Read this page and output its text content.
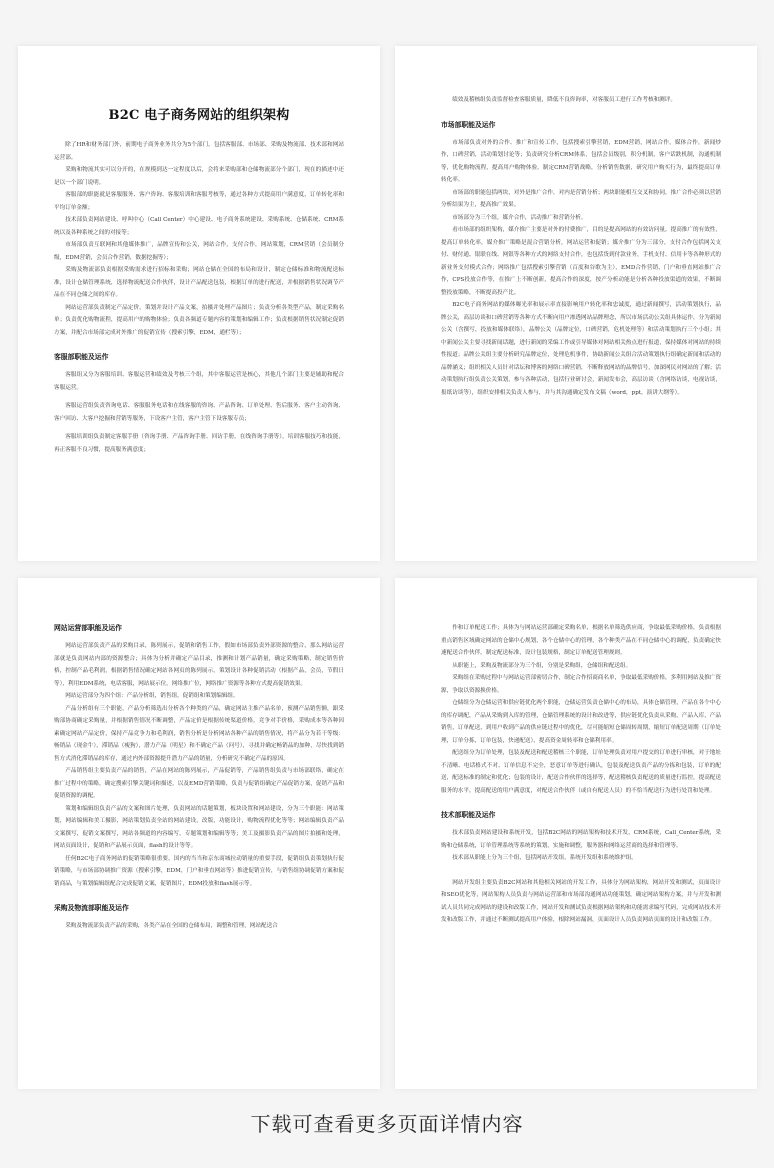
B2C 电子商务网站的组织架构

除了HR和财务部门外，前期电子商务业务共分为5个部门，包括客服部、市场部、采购及物流部、技术部和网站运营部。

采购和物流其实可以分开的，在规模到达一定程度以后，会将来采购部和仓储物流部分个部门，现在的描述中还是以一个部门说明。

客服部的职能就是客服服务、客户咨询、客服培训和客服考核等，通过各种方式提高用户满意度，订单转化率和平均订单金额；

技术部负责网站建设、呼叫中心（Call Center）中心建设、电子商务系统建设、采购系统、仓储系统、CRM系统以及各种系统之间的对接等；

市场部负责互联网和其他媒体推广，品牌宣传和公关，网站合作，支付合作，网站策划，CRM营销（会员制分级，EDM营销，会员合作营销，数据挖掘等）；

采购及物流部负责根据采购需求进行招标和采购；网站仓储在全国的布局和设计，制定仓储标准和物流配送标准，设计仓储管理系统，选择物流配送合作伙伴，设计产品配送包装，根据订单的进行配送，并根据销售状况调节产品在不同仓储之间的库存。

网站运营部负责制定产品定价，策划并设计产品文案，拍摄并处理产品图片；负责分析各类型产品，制定采购名单；负责优化购物流程，提高用户的购物体验；负责各频道专题内容的策划和编辑工作；负责根据销售状况制定促销方案，并配合市场部完成对外推广的促销宣传（搜索引擎，EDM，通栏等）；

客服部职能及运作

客服组又分为客服培训、客服运营和绩效及考核三个组，其中客服运营是核心，其他几个部门主要是辅助和配合客服运营。

客服运营组负责咨询电话、客服服务电话和在线客服的咨询、产品咨询、订单处理、售后服务、客户主动咨询、客户回访、大客户挖掘和营销等服务，下设客户主管，客户主管下设客服专员；

客服培训组负责制定客服手册（咨询手册、产品咨询手册、回访手册，在线咨询手册等），培训客服技巧和技能，再正客服不良习惯，提高服务满意度；

绩效及稽核组负责监督检查客服质量，降低不良咨询率，对客服员工进行工作考核和测评。

市场部职能及运作

市场部负责对外的合作、推广和宣传工作，包括搜索引擎营销，EDM营销，网站合作，媒体合作，新闻炒作，口碑营销，活动策划讨论等；负责研究分析CRM体系，包括会员级别，积分机制，客户话跌机制，沟通机制等，优化购物流程，提高用户购物体验，制定CRM营销战略，分析销售数据，研究用户购买行为，最终提高订单转化率。

市场部的职能包括两块，对外是推广合作，对内是营销分析；两块职能相互交叉和协同，推广合作必须以营销分析结果为主，提高推广效果。

市场部分为三个组，媒介合作，活动推广和营销分析。

看市场部的组织架构，媒介推广主要是对外的付费推广，目的是提高网站的有效访问量，提高推广的有效性，提高订单转化率，媒介推广策略是混合营销分析，网站运营和促销；媒介推广分为三部分，支付合作包括网关支付、财付通、银联在线、网银等各种方式的网络支付合作，也包括货到付款业务，手机支付、信用卡等各种形式的新业务支付模式合作；网络推广包括搜索引擎营销（百度和谷歌为主），EMD合作营销，门户和垂直网站推广合作，CPS投放合作等，在推广上不断创新，提高合作的深度，按产分析动能是分析各种投放渠道的效果，不断调整投放策略，不断提高投产比。

B2C电子商务网站的媒体曝光率和展示率直接影响用户转化率和忠诚度，通过新闻撰写，活动策划执行，品牌公关，高层访谈和口碑营销等各种方式不断向用户渗透网站品牌理念，所以市场活动公关组具体运作，分为新闻公关（含撰写，投放和媒体联络），品牌公关（品牌定位，口碑营销，危机处理等）和活动策划执行三个小组；其中新闻公关主要寻找新闻话题，进行新闻的采编工作或引导媒体对网站相关热点进行报道，保持媒体对网站的持续性报道；品牌公关组主要分析研究品牌定位，处理危机事件，协助新闻公关组合活动策划执行组确定新闻和活动的品牌涵义；组织相关人员针对话坛和博客的网络口碑营销，不断释放网站的品牌信号，加深网民对网站的了解；活动策划执行组负责公关策划，参与各种活动，包括行业研讨会，新闻发布会，高层访谈（含网络访谈，电视访谈，报纸访谈等），组织安排相关负责人参与，并与其沟通确定发布文稿（word，ppt，演讲大纲等）。

网站运营部职能及运作

网站运营部负责产品的采购目录，陈列展示，促销和销售工作，假如市场部负责外部资源的整合，那么网站运营部就是负责网站内部的资源整合；具体为分析并确定产品目录，推测和计划产品销量，确定采购策略，制定销售价格，控制产品毛利润，根据销售情况确定网站各网页的陈列展示，策划设计各种促销活动（根据产品，会员，节假日等），利用EDM系统，电话客服，网站展示位，网络推广位，网络推广资源等各种方式提高促销效果。

网站运营部分为四个组：产品分析组，销售组，促销组和策划编辑组。

产品分析组有三个职能，产品分析筛选出分析各个种类的产品，确定网站主推产品名单，预测产品销售额，跟采购部协商确定采购量，并根据销售情况不断调整，产品定价是根据传统渠道价格，竞争对手价格，采购成本等各种因素确定网站产品定价，保持产品竞争力和毛利润，销售分析是分析网站各种产品的销售情况，将产品分为若干等级：畅销品（现金牛），滞销品（瘦狗），潜力产品（明星）和不确定产品（问号），寻找并确定畅销品的加种，尽快找到销售方式消化滞销品的库存，通过内外部资源提升潜力产品的销量，分析研究不确定产品的原因。

产品销售组主要负责产品的销售，产品在网站的陈列展示，产品促销等，产品销售组负责与市场部联络，确定在推广过程中的策略，确定搜索引擎关键词和描述，以及EMD营销策略，负责与促销组确定产品促销方案，促销产品和促销资源的调配。

策划和编辑组负责产品的文案和图片处理，负责网站的话题策划，板块设置和网站建设，分为三个职能：网站策划，网站编辑和美工摄影，网站策划负责全站的网站建设，改版，功能设计，购物流程优化等等；网站编辑负责产品文案撰写，促销文案撰写，网站各频道的内容编写，专题策划和编辑等等；美工及摄影负责产品的图片拍摄和处理，网站页面设计，促销和产品展示页面，flash的设计等等。

任何B2C电子商务网站的促销策略很重要，国内的当当和京东商城拉动销量的重要手段，促销组负责策划执行促销策略，与市场部协调推广资源（搜索引擎，EDM，门户和垂直网站等）推进促销宣传，与销售组协调促销方案和促销商品，与策划编辑组配合完成促销文案，促销图片，EDM投放和flash展示等。

采购及物流部职能及运作

采购及物流部负责产品的采购，各类产品在全国的仓储布局，调整和管理，网站配送合

作和订单配送工作；具体为与网站运营部确定采购名单，根据名单筛选供应商，争取最低采购价格，负责根据重点销售区域确定网站的仓储中心规划，各个仓储中心的管理，各个种类产品在不同仓储中心的调配，负责确定快速配送合作伙伴，制定配送标准，设计包装规格，制定订单配送管理规则。

从职能上，采购及物流部分为三个组，分别是采购组，仓储组和配送组。

采购组在采购过程中与网站运营部密切合作，制定合作招商商名单，争取最低采购价格，多利用网站及推广资源，争取以资源换价格。

仓储组分为仓储运营和供应链优化两个职能，仓储运营负责仓储中心的布局，具体仓储管理，产品在各个中心的库存调配，产品从采购到入库的管理，仓储管理系统的设计和改进等，供应链优化负责从采购，产品入库，产品销售，订单配送，到用户收到产品的供应链过程中的优化，尽可能缩短仓储周转周期，缩短订单配送周期（订单处理，订单分拣，订单包装，快递配送），提高资金周转率和仓储利用率。

配送组分为订单处理，包装及配送和配送稽核三个职能，订单处理负责对用户提交的订单进行审核，对于地址不清晰、电话格式不对、订单信息不完全，恶意订单等进行确认，包装及配送负责产品的分拣和包装，订单的配送，配送标准的制定和优化；包装的设计，配送合作伙伴的选择等，配送稽核负责配送的质量进行监控，提高配送服务的水平，提高配送的用户满意度，对配送合作伙伴（或自有配送人员）的不恰当配送行为进行处罚和处理。

技术部职能及运作

技术部负责网站建设和系统开发，包括B2C网站的网站架构和技术开发，CRM系统，Call_Center系统，采购和仓储系统，订单管理系统等系统的策划，实施和调整，服务器和网络运营商的选择和管理等。

技术部从职能上分为三个组，包括网站开发组，系统开发组和系统维护组。

网站开发组主要负责B2C网站和其他相关网站的开发工作，具体分为网站架构，网站开发和测试，页面设计和SEO优化等，网站架构人员负责与网站运营部和市场部沟通网站功能策划，确定网站架构方案，并与开发和测试人员共同完成网站的建设和改版工作，网站开发和测试负责根据网站架构和功能需求编写代码，完成网站技术开发和改版工作，并通过不断测试提高用户体验，根除网站漏洞，页面设计人员负责网站页面的设计和改版工作。

下载可查看更多页面详情内容
